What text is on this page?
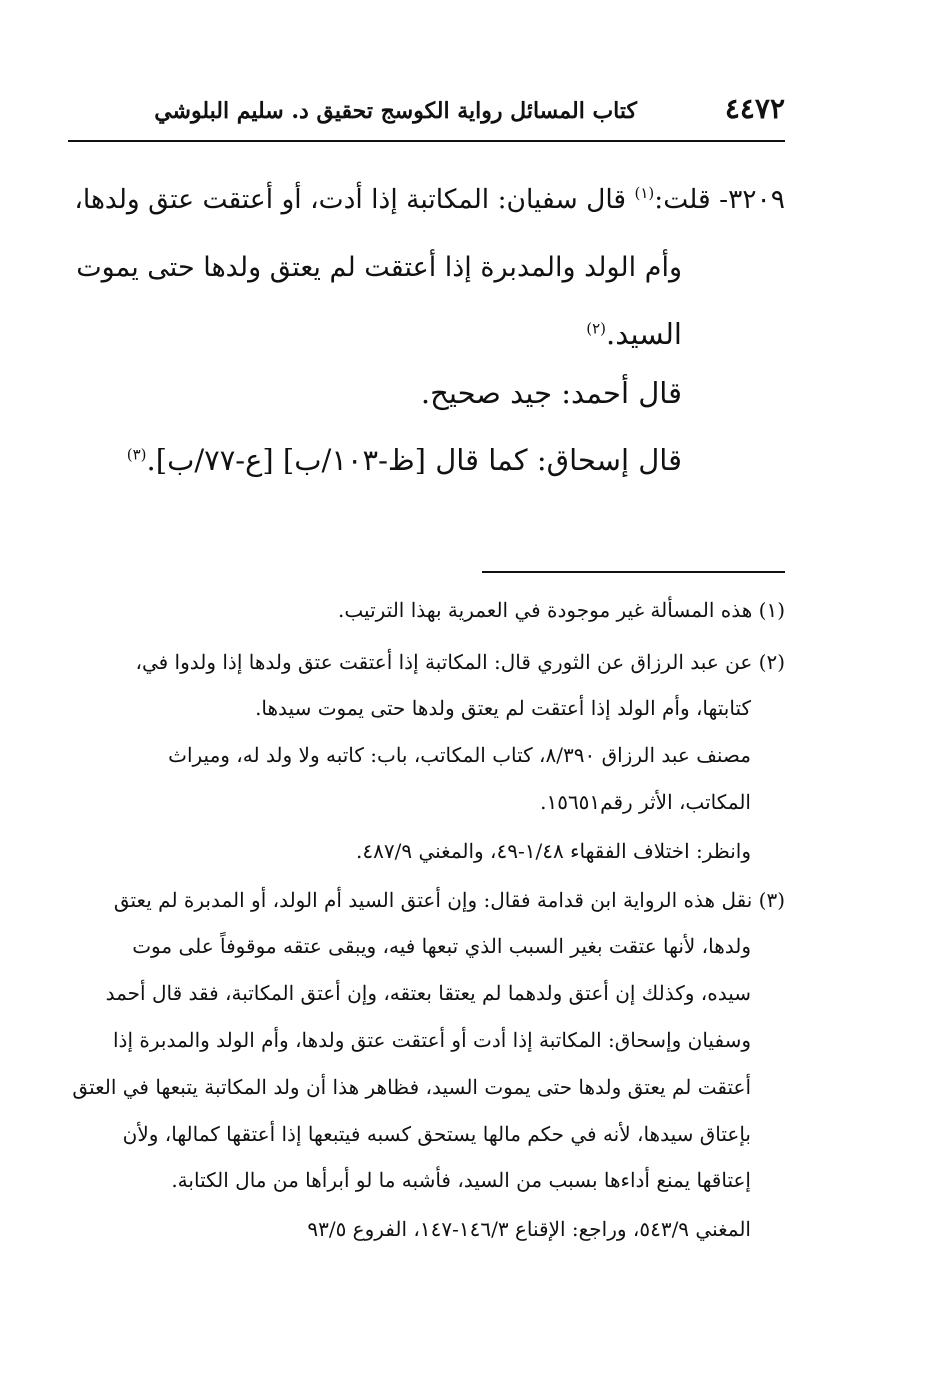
٤٤٧٢
كتاب المسائل رواية الكوسج تحقيق د. سليم البلوشي
٣٢٠٩- قلت:$^{(١)}$ قال سفيان: المكاتبة إذا أدت، أو أعتقت عتق ولدها،
وأم الولد والمدبرة إذا أعتقت لم يعتق ولدها حتى يموت
السيد.$^{(٢)}$
قال أحمد: جيد صحيح.
قال إسحاق: كما قال [ظ-١٠٣/ب] [ع-٧٧/ب].$^{(٣)}$
(١) هذه المسألة غير موجودة في العمرية بهذا الترتيب.
(٢) عن عبد الرزاق عن الثوري قال: المكاتبة إذا أعتقت عتق ولدها إذا ولدوا في،
كتابتها، وأم الولد إذا أعتقت لم يعتق ولدها حتى يموت سيدها.
مصنف عبد الرزاق ٨/٣٩٠، كتاب المكاتب، باب: كاتبه ولا ولد له، وميراث
المكاتب، الأثر رقم١٥٦٥١.
وانظر: اختلاف الفقهاء ١/٤٨-٤٩، والمغني ٤٨٧/٩.
(٣) نقل هذه الرواية ابن قدامة فقال: وإن أعتق السيد أم الولد، أو المدبرة لم يعتق
ولدها، لأنها عتقت بغير السبب الذي تبعها فيه، ويبقى عتقه موقوفاً على موت
سيده، وكذلك إن أعتق ولدهما لم يعتقا بعتقه، وإن أعتق المكاتبة، فقد قال أحمد
وسفيان وإسحاق: المكاتبة إذا أدت أو أعتقت عتق ولدها، وأم الولد والمدبرة إذا
أعتقت لم يعتق ولدها حتى يموت السيد، فظاهر هذا أن ولد المكاتبة يتبعها في العتق
بإعتاق سيدها، لأنه في حكم مالها يستحق كسبه فيتبعها إذا أعتقها كمالها، ولأن
إعتاقها يمنع أداءها بسبب من السيد، فأشبه ما لو أبرأها من مال الكتابة.
المغني ٥٤٣/٩، وراجع: الإقناع ١٤٦/٣-١٤٧، الفروع ٩٣/٥
